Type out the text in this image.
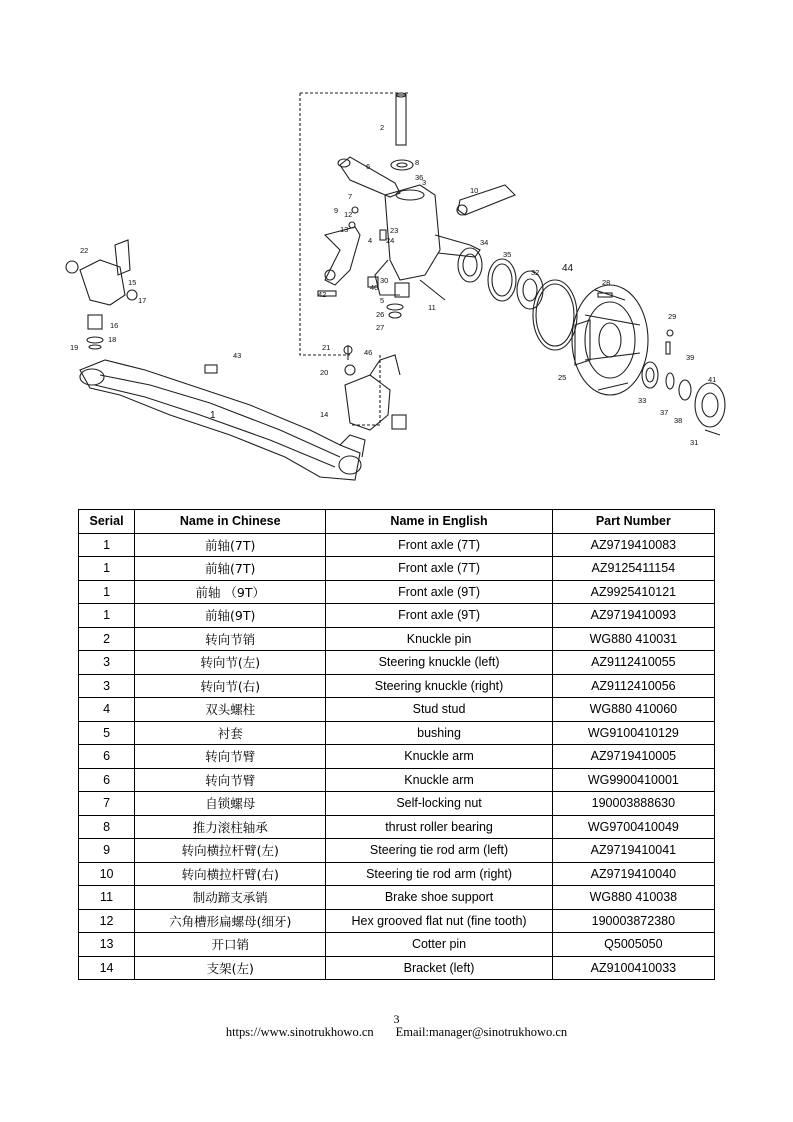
1
2
3
4
5
6
7
8
9
10
11
12
13
14
15
16
17
18
19
20
21
22
23
24
25
26
27
28
29
30
31
32
33
34
35
36
37
38
39
40
41
42
43
44
46
Serial	Name in Chinese	Name in English	Part Number
1	前轴(7T)	Front axle (7T)	AZ9719410083
1	前轴(7T)	Front axle (7T)	AZ9125411154
1	前轴 （9T）	Front axle (9T)	AZ9925410121
1	前轴(9T)	Front axle (9T)	AZ9719410093
2	转向节销	Knuckle pin	WG880 410031
3	转向节(左)	Steering knuckle (left)	AZ9112410055
3	转向节(右)	Steering knuckle (right)	AZ9112410056
4	双头螺柱	Stud stud	WG880 410060
5	衬套	bushing	WG9100410129
6	转向节臂	Knuckle arm	AZ9719410005
6	转向节臂	Knuckle arm	WG9900410001
7	自锁螺母	Self-locking nut	190003888630
8	推力滚柱轴承	thrust roller bearing	WG9700410049
9	转向横拉杆臂(左)	Steering tie rod arm (left)	AZ9719410041
10	转向横拉杆臂(右)	Steering tie rod arm (right)	AZ9719410040
11	制动蹄支承销	Brake shoe support	WG880 410038
12	六角槽形扁螺母(细牙)	Hex grooved flat nut (fine tooth)	190003872380
13	开口销	Cotter pin	Q5005050
14	支架(左)	Bracket (left)	AZ9100410033
3
https://www.sinotrukhowo.cn Email:manager@sinotrukhowo.cn
